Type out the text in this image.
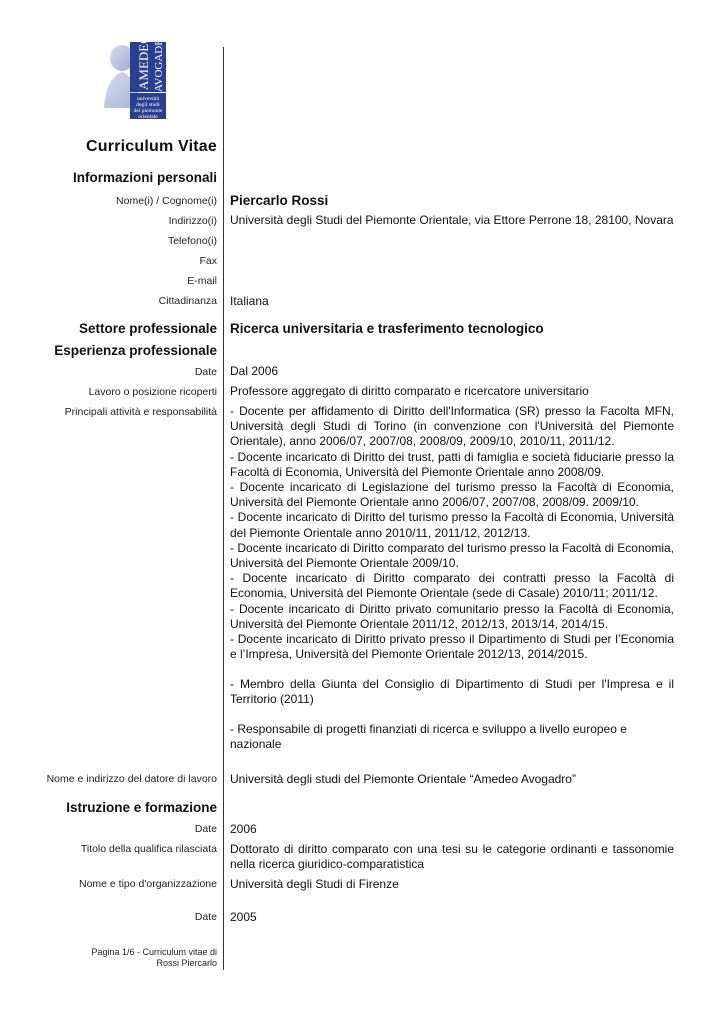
AMEDEO AVOGADRO
università
degli studi
del piemonte
orientale
Curriculum Vitae
Informazioni personali
Nome(i) / Cognome(i) Piercarlo Rossi
Indirizzo(i) Università degli Studi del Piemonte Orientale, via Ettore Perrone 18, 28100, Novara
Telefono(i)
Fax
E-mail
Cittadinanza Italiana
Settore professionale Ricerca universitaria e trasferimento tecnologico
Esperienza professionale
Date Dal 2006
Lavoro o posizione ricoperti Professore aggregato di diritto comparato e ricercatore universitario
Principali attività e responsabilità - Docente per affidamento di Diritto dell'Informatica (SR) presso la Facolta MFN, Università degli Studi di Torino (in convenzione con l'Università del Piemonte Orientale), anno 2006/07, 2007/08, 2008/09, 2009/10, 2010/11, 2011/12.

- Docente incaricato di Diritto dei trust, patti di famiglia e società fiduciarie presso la Facoltà di Economia, Università del Piemonte Orientale anno 2008/09.

- Docente incaricato di Legislazione del turismo presso la Facoltà di Economia, Università del Piemonte Orientale anno 2006/07, 2007/08, 2008/09. 2009/10.

- Docente incaricato di Diritto del turismo presso la Facoltà di Economia, Università del Piemonte Orientale anno 2010/11, 2011/12, 2012/13.

- Docente incaricato di Diritto comparato del turismo presso la Facoltà di Economia, Università del Piemonte Orientale 2009/10.

- Docente incaricato di Diritto comparato dei contratti presso la Facoltà di Economia, Università del Piemonte Orientale (sede di Casale) 2010/11; 2011/12.

- Docente incaricato di Diritto privato comunitario presso la Facoltà di Economia, Università del Piemonte Orientale 2011/12, 2012/13, 2013/14, 2014/15.

- Docente incaricato di Diritto privato presso il Dipartimento di Studi per l’Economia e l’Impresa, Università del Piemonte Orientale 2012/13, 2014/2015.

- Membro della Giunta del Consiglio di Dipartimento di Studi per l'Impresa e il Territorio (2011)
- Responsabile di progetti finanziati di ricerca e sviluppo a livello europeo e nazionale
Nome e indirizzo del datore di lavoro Università degli studi del Piemonte Orientale “Amedeo Avogadro”
Istruzione e formazione
Date 2006
Titolo della qualifica rilasciata Dottorato di diritto comparato con una tesi su le categorie ordinanti e tassonomie nella ricerca giuridico-comparatistica
Nome e tipo d'organizzazione Università degli Studi di Firenze
Date 2005
Pagina 1/6 - Curriculum vitae di
Rossi Piercarlo
